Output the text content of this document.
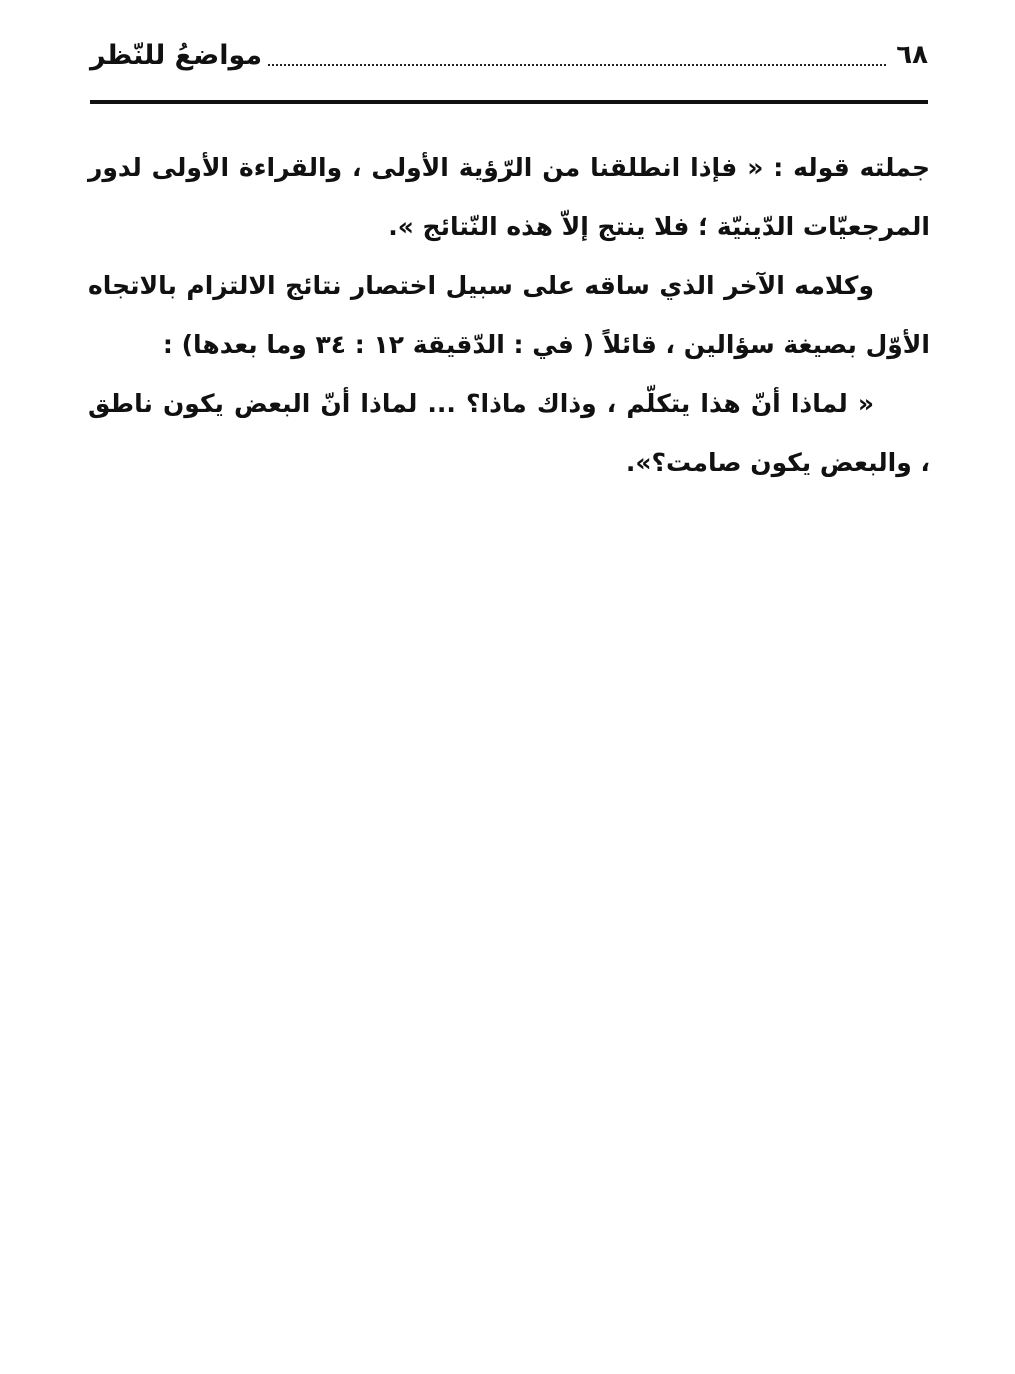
٦٨
مواضعُ للنّظر

جملته قوله : « فإذا انطلقنا من الرّؤية الأولى ، والقراءة الأولى لدور المرجعيّات الدّينيّة ؛ فلا ينتج إلاّ هذه النّتائج ».

وكلامه الآخر الذي ساقه على سبيل اختصار نتائج الالتزام بالاتجاه الأوّل بصيغة سؤالين ، قائلاً ( في : الدّقيقة ١٢ : ٣٤ وما بعدها) :

« لماذا أنّ هذا يتكلّم ، وذاك ماذا؟ ... لماذا أنّ البعض يكون ناطق ، والبعض يكون صامت؟».
